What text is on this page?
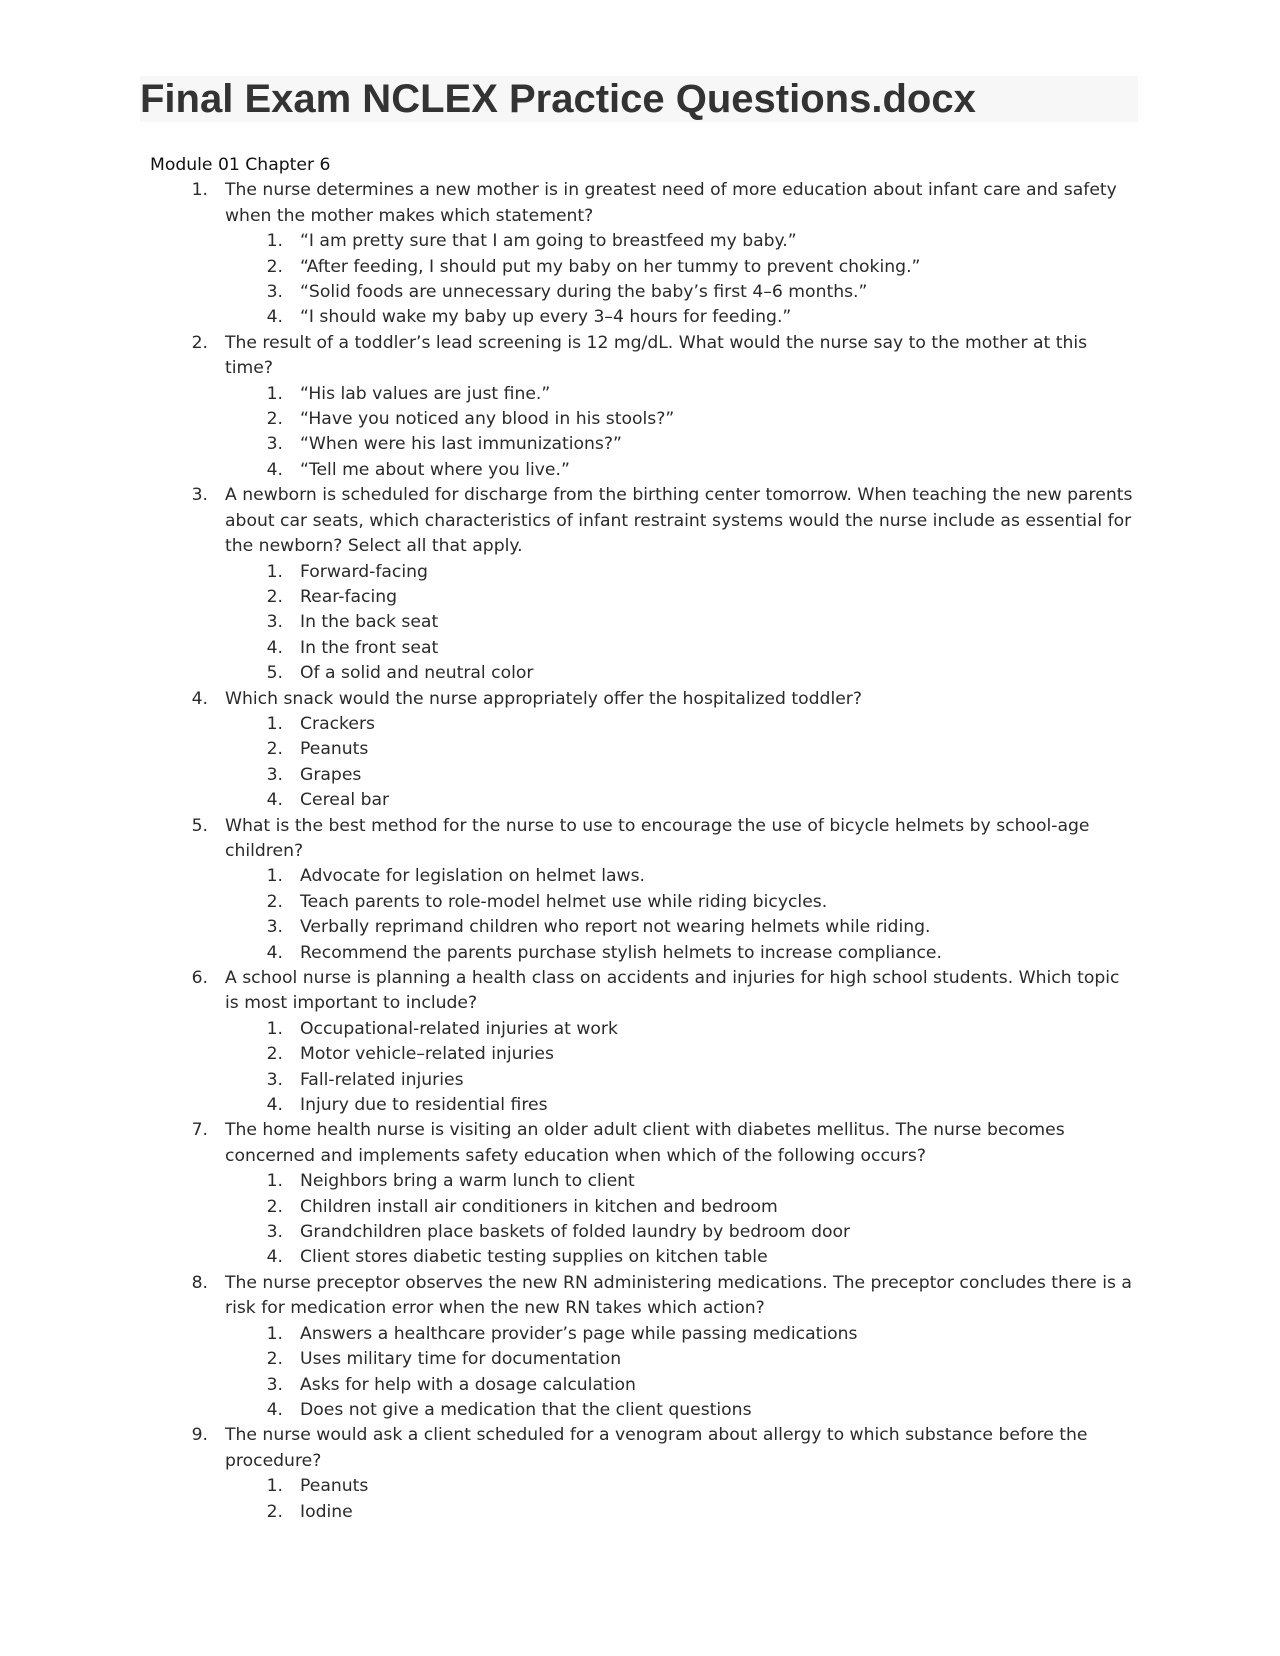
Final Exam NCLEX Practice Questions.docx

Module 01 Chapter 6

1. The nurse determines a new mother is in greatest need of more education about infant care and safety when the mother makes which statement?
1. “I am pretty sure that I am going to breastfeed my baby.”
2. “After feeding, I should put my baby on her tummy to prevent choking.”
3. “Solid foods are unnecessary during the baby’s first 4–6 months.”
4. “I should wake my baby up every 3–4 hours for feeding.”
2. The result of a toddler’s lead screening is 12 mg/dL. What would the nurse say to the mother at this time?
1. “His lab values are just fine.”
2. “Have you noticed any blood in his stools?”
3. “When were his last immunizations?”
4. “Tell me about where you live.”
3. A newborn is scheduled for discharge from the birthing center tomorrow. When teaching the new parents about car seats, which characteristics of infant restraint systems would the nurse include as essential for the newborn? Select all that apply.
1. Forward-facing
2. Rear-facing
3. In the back seat
4. In the front seat
5. Of a solid and neutral color
4. Which snack would the nurse appropriately offer the hospitalized toddler?
1. Crackers
2. Peanuts
3. Grapes
4. Cereal bar
5. What is the best method for the nurse to use to encourage the use of bicycle helmets by school-age children?
1. Advocate for legislation on helmet laws.
2. Teach parents to role-model helmet use while riding bicycles.
3. Verbally reprimand children who report not wearing helmets while riding.
4. Recommend the parents purchase stylish helmets to increase compliance.
6. A school nurse is planning a health class on accidents and injuries for high school students. Which topic is most important to include?
1. Occupational-related injuries at work
2. Motor vehicle–related injuries
3. Fall-related injuries
4. Injury due to residential fires
7. The home health nurse is visiting an older adult client with diabetes mellitus. The nurse becomes concerned and implements safety education when which of the following occurs?
1. Neighbors bring a warm lunch to client
2. Children install air conditioners in kitchen and bedroom
3. Grandchildren place baskets of folded laundry by bedroom door
4. Client stores diabetic testing supplies on kitchen table
8. The nurse preceptor observes the new RN administering medications. The preceptor concludes there is a risk for medication error when the new RN takes which action?
1. Answers a healthcare provider’s page while passing medications
2. Uses military time for documentation
3. Asks for help with a dosage calculation
4. Does not give a medication that the client questions
9. The nurse would ask a client scheduled for a venogram about allergy to which substance before the procedure?
1. Peanuts
2. Iodine
